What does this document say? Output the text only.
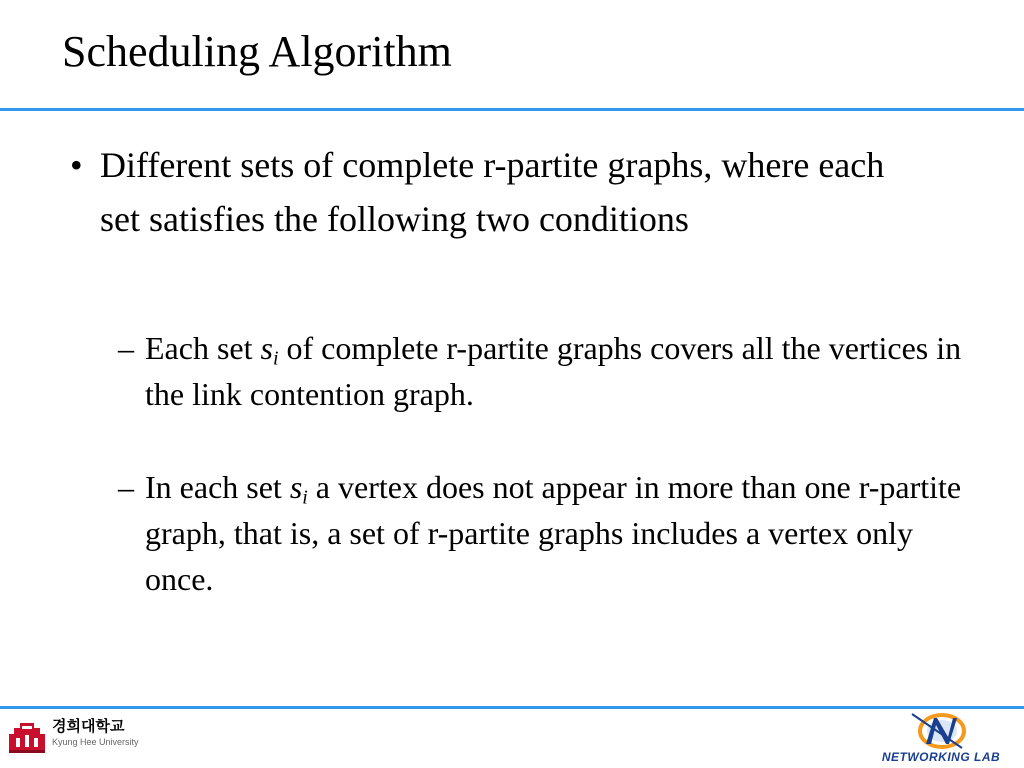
Scheduling Algorithm
• Different sets of complete r-partite graphs, where each set satisfies the following two conditions
– Each set $s_i$ of complete r-partite graphs covers all the vertices in the link contention graph.
– In each set $s_i$ a vertex does not appear in more than one r-partite graph, that is, a set of r-partite graphs includes a vertex only once.
경희대학교
Kyung Hee University
NETWORKING LAB
